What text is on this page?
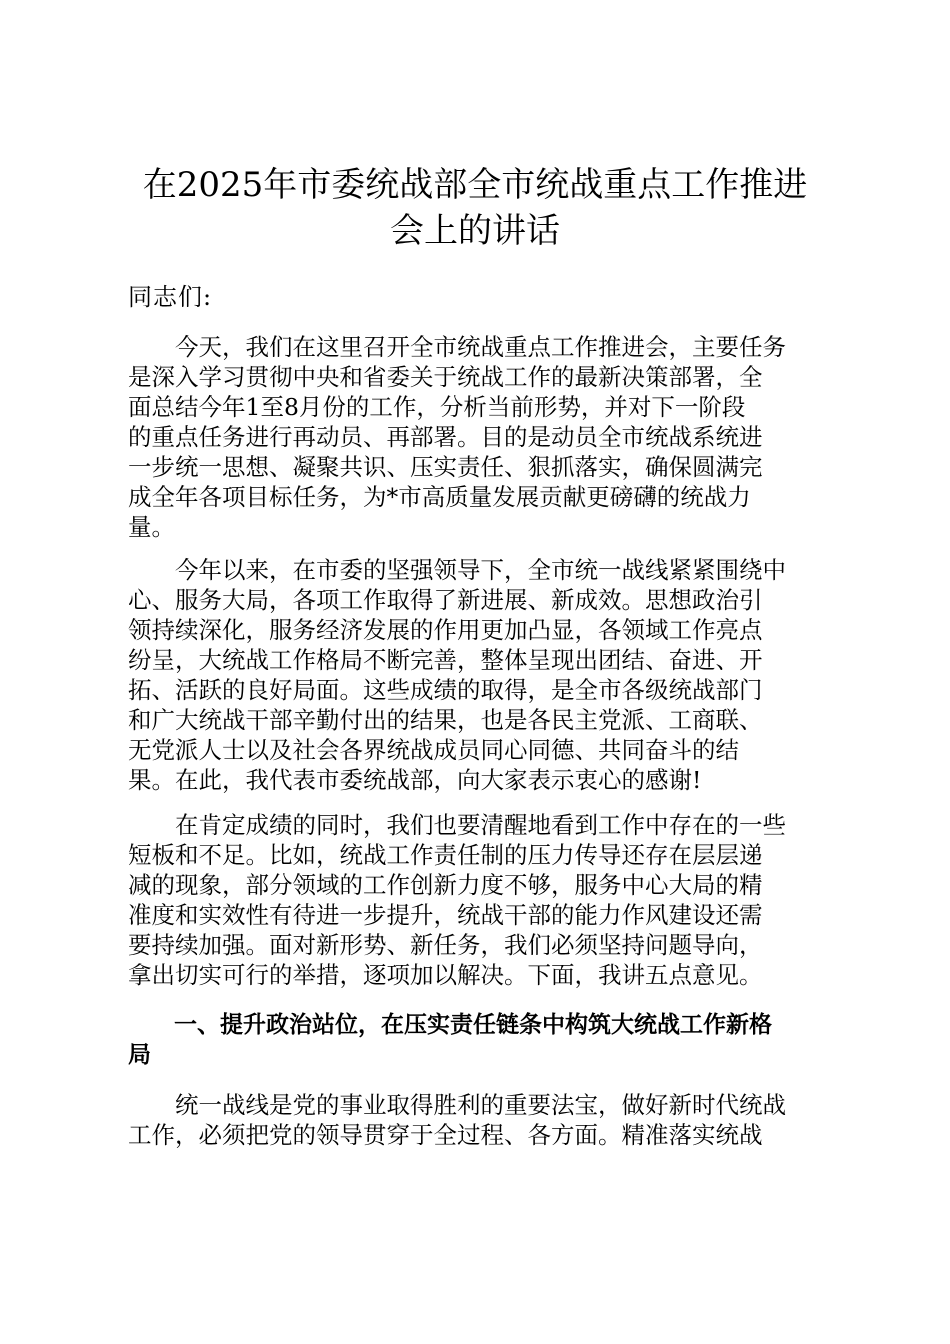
在2025年市委统战部全市统战重点工作推进
会上的讲话

同志们:

　　今天，我们在这里召开全市统战重点工作推进会，主要任务
是深入学习贯彻中央和省委关于统战工作的最新决策部署，全
面总结今年1至8月份的工作，分析当前形势，并对下一阶段
的重点任务进行再动员、再部署。目的是动员全市统战系统进
一步统一思想、凝聚共识、压实责任、狠抓落实，确保圆满完
成全年各项目标任务，为*市高质量发展贡献更磅礴的统战力
量。

　　今年以来，在市委的坚强领导下，全市统一战线紧紧围绕中
心、服务大局，各项工作取得了新进展、新成效。思想政治引
领持续深化，服务经济发展的作用更加凸显，各领域工作亮点
纷呈，大统战工作格局不断完善，整体呈现出团结、奋进、开
拓、活跃的良好局面。这些成绩的取得，是全市各级统战部门
和广大统战干部辛勤付出的结果，也是各民主党派、工商联、
无党派人士以及社会各界统战成员同心同德、共同奋斗的结
果。在此，我代表市委统战部，向大家表示衷心的感谢!

　　在肯定成绩的同时，我们也要清醒地看到工作中存在的一些
短板和不足。比如，统战工作责任制的压力传导还存在层层递
减的现象，部分领域的工作创新力度不够，服务中心大局的精
准度和实效性有待进一步提升，统战干部的能力作风建设还需
要持续加强。面对新形势、新任务，我们必须坚持问题导向，
拿出切实可行的举措，逐项加以解决。下面，我讲五点意见。

　　一、提升政治站位，在压实责任链条中构筑大统战工作新格
局

　　统一战线是党的事业取得胜利的重要法宝，做好新时代统战
工作，必须把党的领导贯穿于全过程、各方面。精准落实统战
